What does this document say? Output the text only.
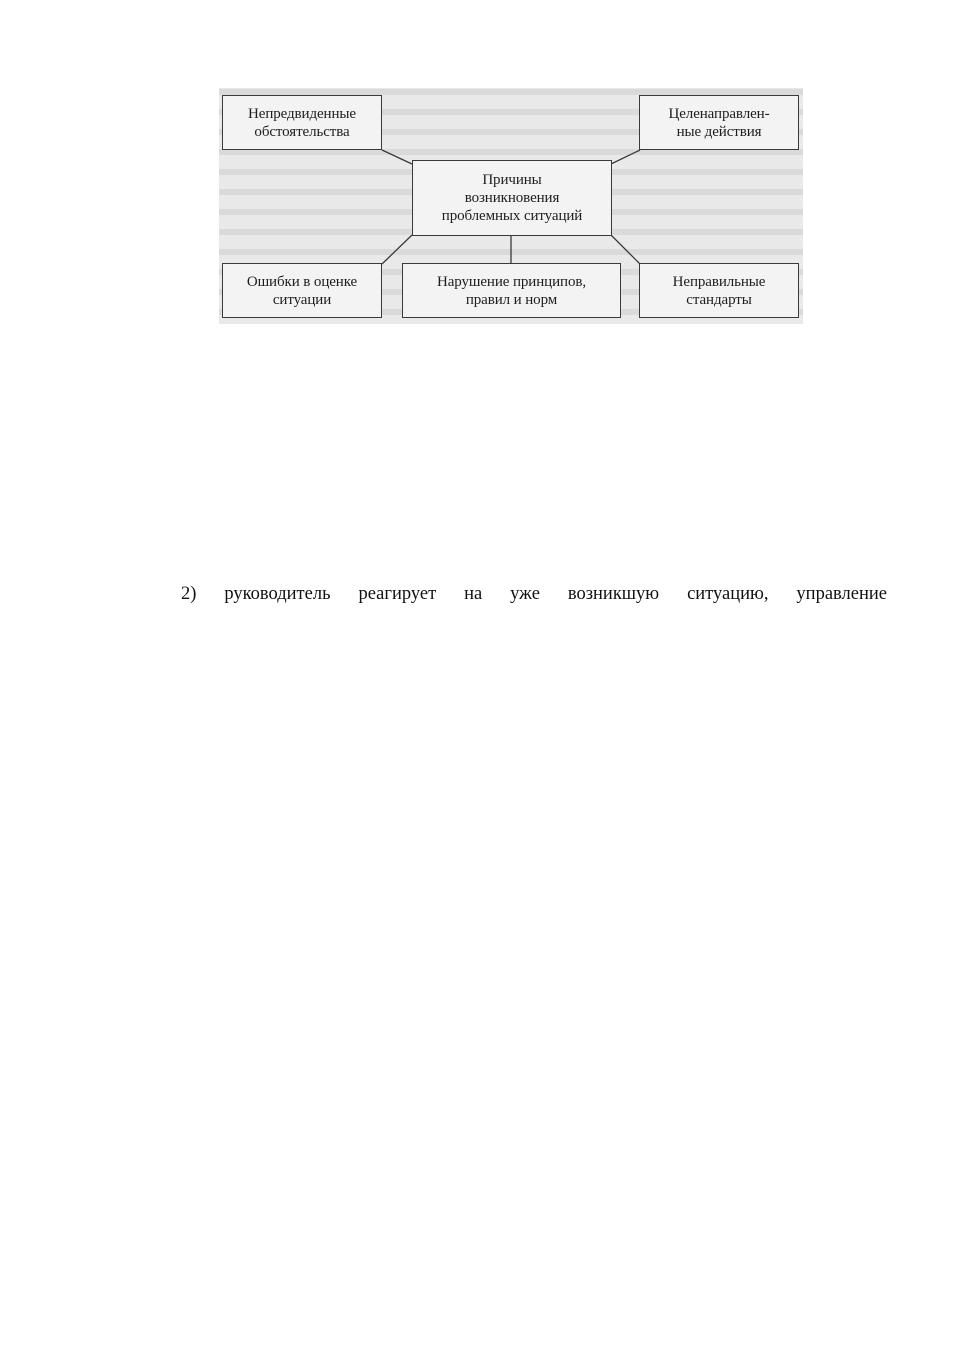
Непредвиденные
обстоятельства
Целенаправлен-
ные действия
Причины
возникновения
проблемных ситуаций
Ошибки в оценке
ситуации
Нарушение принципов,
правил и норм
Неправильные
стандарты
2) руководитель реагирует на уже возникшую ситуацию, управление
